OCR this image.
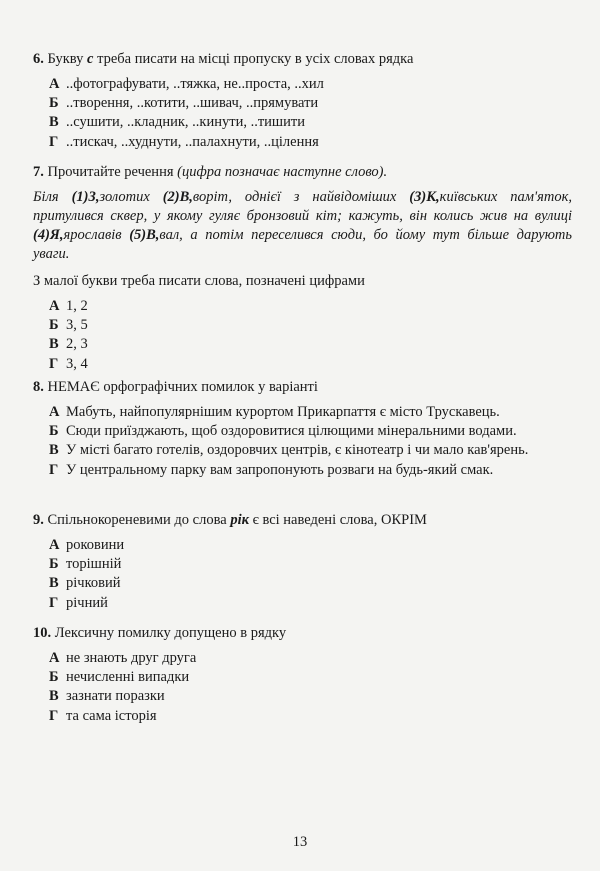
6. Букву с треба писати на місці пропуску в усіх словах рядка
А ..фотографувати, ..тяжка, не..проста, ..хил
Б ..творення, ..котити, ..шивач, ..прямувати
В ..сушити, ..кладник, ..кинути, ..тишити
Г ..тискач, ..худнути, ..палахнути, ..цілення
7. Прочитайте речення (цифра позначає наступне слово).
Біля (1)З,золотих (2)В,воріт, однієї з найвідоміших (3)К,київських пам'яток, притулився сквер, у якому гуляє бронзовий кіт; кажуть, він колись жив на вулиці (4)Я,ярославів (5)В,вал, а потім переселився сюди, бо йому тут більше дарують уваги.
З малої букви треба писати слова, позначені цифрами
А 1, 2
Б 3, 5
В 2, 3
Г 3, 4
8. НЕМАЄ орфографічних помилок у варіанті
А Мабуть, найпопулярнішим курортом Прикарпаття є місто Трускавець.
Б Сюди приїзджають, щоб оздоровитися цілющими мінеральними водами.
В У місті багато готелів, оздоровчих центрів, є кінотеатр і чи мало кав'ярень.
Г У центральному парку вам запропонують розваги на будь-який смак.
9. Спільнокореневими до слова рік є всі наведені слова, ОКРІМ
А роковини
Б торішній
В річковий
Г річний
10. Лексичну помилку допущено в рядку
А не знають друг друга
Б нечисленні випадки
В зазнати поразки
Г та сама історія
13
